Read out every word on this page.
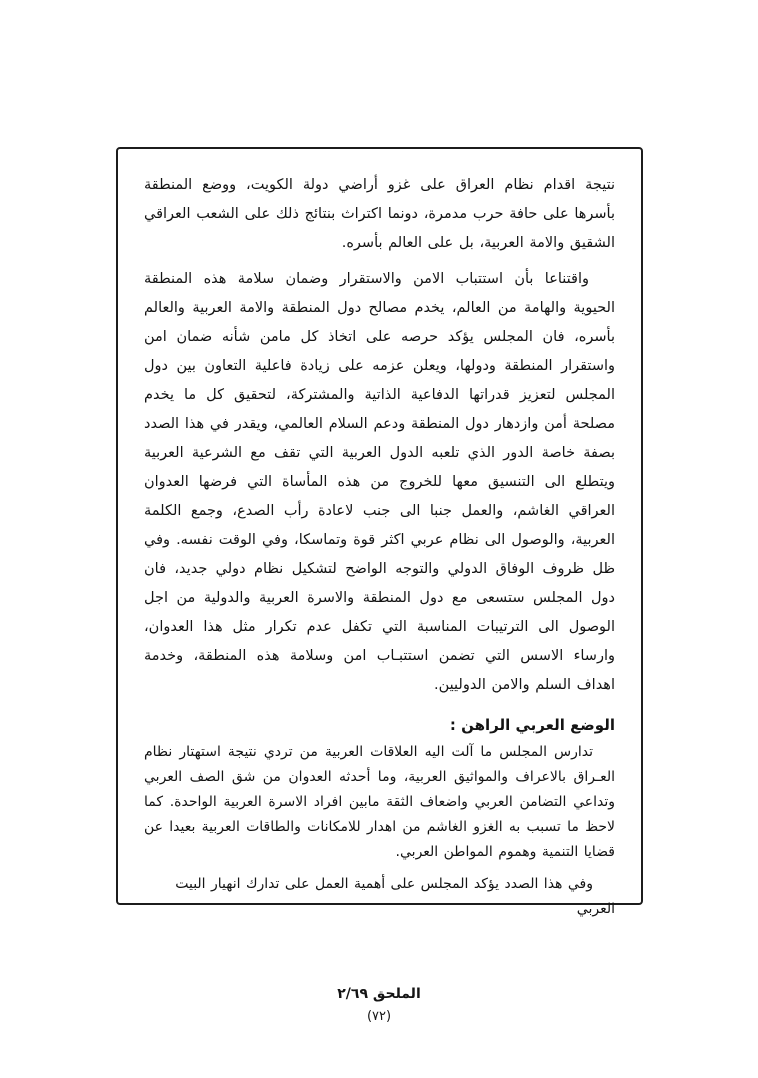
نتيجة اقدام نظام العراق على غزو أراضي دولة الكويت، ووضع المنطقة بأسرها على حافة حرب مدمرة، دونما اكتراث بنتائج ذلك على الشعب العراقي الشقيق والامة العربية، بل على العالم بأسره.

واقتناعا بأن استتباب الامن والاستقرار وضمان سلامة هذه المنطقة الحيوية والهامة من العالم، يخدم مصالح دول المنطقة والامة العربية والعالم بأسره، فان المجلس يؤكد حرصه على اتخاذ كل مامن شأنه ضمان امن واستقرار المنطقة ودولها، ويعلن عزمه على زيادة فاعلية التعاون بين دول المجلس لتعزيز قدراتها الدفاعية الذاتية والمشتركة، لتحقيق كل ما يخدم مصلحة أمن وازدهار دول المنطقة ودعم السلام العالمي، ويقدر في هذا الصدد بصفة خاصة الدور الذي تلعبه الدول العربية التي تقف مع الشرعية العربية ويتطلع الى التنسيق معها للخروج من هذه المأساة التي فرضها العدوان العراقي الغاشم، والعمل جنبا الى جنب لاعادة رأب الصدع، وجمع الكلمة العربية، والوصول الى نظام عربي اكثر قوة وتماسكا، وفي الوقت نفسه. وفي ظل ظروف الوفاق الدولي والتوجه الواضح لتشكيل نظام دولي جديد، فان دول المجلس ستسعى مع دول المنطقة والاسرة العربية والدولية من اجل الوصول الى الترتيبات المناسبة التي تكفل عدم تكرار مثل هذا العدوان، وارساء الاسس التي تضمن استتبـاب امن وسلامة هذه المنطقة، وخدمة اهداف السلم والامن الدوليين.

الوضع العربي الراهن :

تدارس المجلس ما آلت اليه العلاقات العربية من تردي نتيجة استهتار نظام العـراق بالاعراف والمواثيق العربية، وما أحدثه العدوان من شق الصف العربي وتداعي التضامن العربي واضعاف الثقة مابين افراد الاسرة العربية الواحدة. كما لاحظ ما تسبب به الغزو الغاشم من اهدار للامكانات والطاقات العربية بعيدا عن قضايا التنمية وهموم المواطن العربي.

وفي هذا الصدد يؤكد المجلس على أهمية العمل على تدارك انهيار البيت العربي

الملحق ٢/٦٩
(٧٢)
